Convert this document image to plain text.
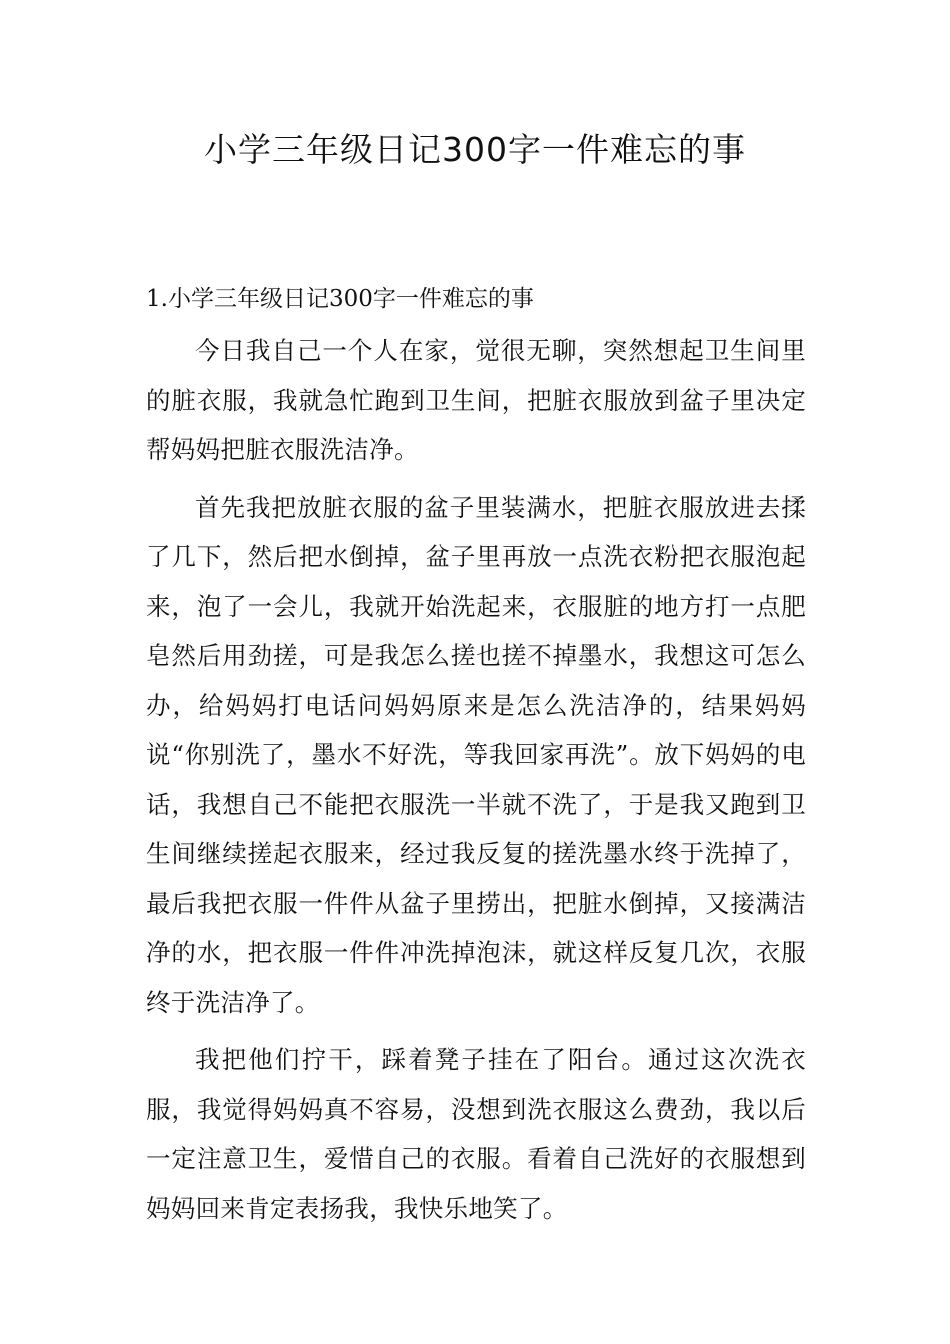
小学三年级日记300字一件难忘的事
1.小学三年级日记300字一件难忘的事

今日我自己一个人在家，觉很无聊，突然想起卫生间里的脏衣服，我就急忙跑到卫生间，把脏衣服放到盆子里决定帮妈妈把脏衣服洗洁净。

首先我把放脏衣服的盆子里装满水，把脏衣服放进去揉了几下，然后把水倒掉，盆子里再放一点洗衣粉把衣服泡起来，泡了一会儿，我就开始洗起来，衣服脏的地方打一点肥皂然后用劲搓，可是我怎么搓也搓不掉墨水，我想这可怎么办，给妈妈打电话问妈妈原来是怎么洗洁净的，结果妈妈说“你别洗了，墨水不好洗，等我回家再洗”。放下妈妈的电话，我想自己不能把衣服洗一半就不洗了，于是我又跑到卫生间继续搓起衣服来，经过我反复的搓洗墨水终于洗掉了，最后我把衣服一件件从盆子里捞出，把脏水倒掉，又接满洁净的水，把衣服一件件冲洗掉泡沫，就这样反复几次，衣服终于洗洁净了。

我把他们拧干，踩着凳子挂在了阳台。通过这次洗衣服，我觉得妈妈真不容易，没想到洗衣服这么费劲，我以后一定注意卫生，爱惜自己的衣服。看着自己洗好的衣服想到妈妈回来肯定表扬我，我快乐地笑了。
